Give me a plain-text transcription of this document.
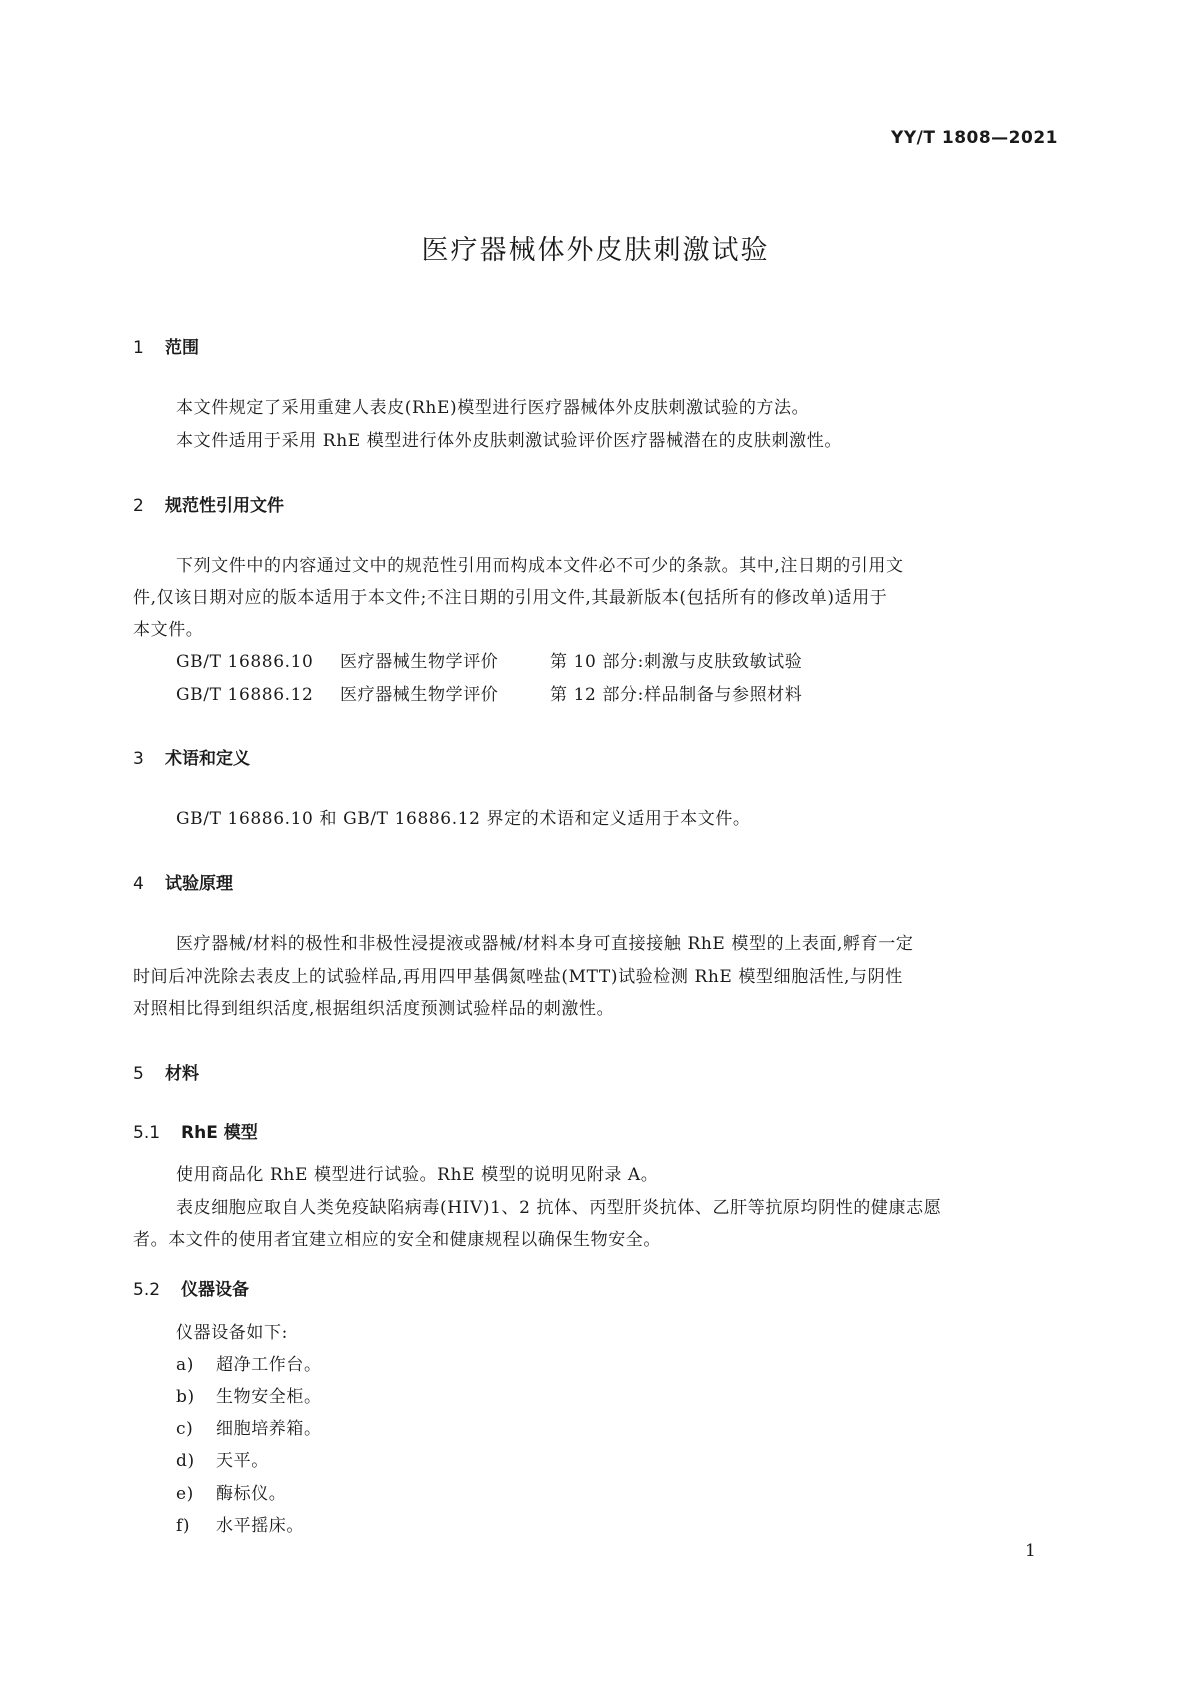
YY/T 1808—2021
医疗器械体外皮肤刺激试验
1 范围
本文件规定了采用重建人表皮(RhE)模型进行医疗器械体外皮肤刺激试验的方法。
本文件适用于采用 RhE 模型进行体外皮肤刺激试验评价医疗器械潜在的皮肤刺激性。
2 规范性引用文件
下列文件中的内容通过文中的规范性引用而构成本文件必不可少的条款。其中,注日期的引用文
件,仅该日期对应的版本适用于本文件;不注日期的引用文件,其最新版本(包括所有的修改单)适用于
本文件。
GB/T 16886.10 医疗器械生物学评价	第 10 部分:刺激与皮肤致敏试验
GB/T 16886.12 医疗器械生物学评价	第 12 部分:样品制备与参照材料
3 术语和定义
GB/T 16886.10 和 GB/T 16886.12 界定的术语和定义适用于本文件。
4 试验原理
医疗器械/材料的极性和非极性浸提液或器械/材料本身可直接接触 RhE 模型的上表面,孵育一定
时间后冲洗除去表皮上的试验样品,再用四甲基偶氮唑盐(MTT)试验检测 RhE 模型细胞活性,与阴性
对照相比得到组织活度,根据组织活度预测试验样品的刺激性。
5 材料
5.1 RhE 模型
使用商品化 RhE 模型进行试验。RhE 模型的说明见附录 A。
表皮细胞应取自人类免疫缺陷病毒(HIV)1、2 抗体、丙型肝炎抗体、乙肝等抗原均阴性的健康志愿
者。本文件的使用者宜建立相应的安全和健康规程以确保生物安全。
5.2 仪器设备
仪器设备如下:
a) 超净工作台。
b) 生物安全柜。
c) 细胞培养箱。
d) 天平。
e) 酶标仪。
f) 水平摇床。
1
